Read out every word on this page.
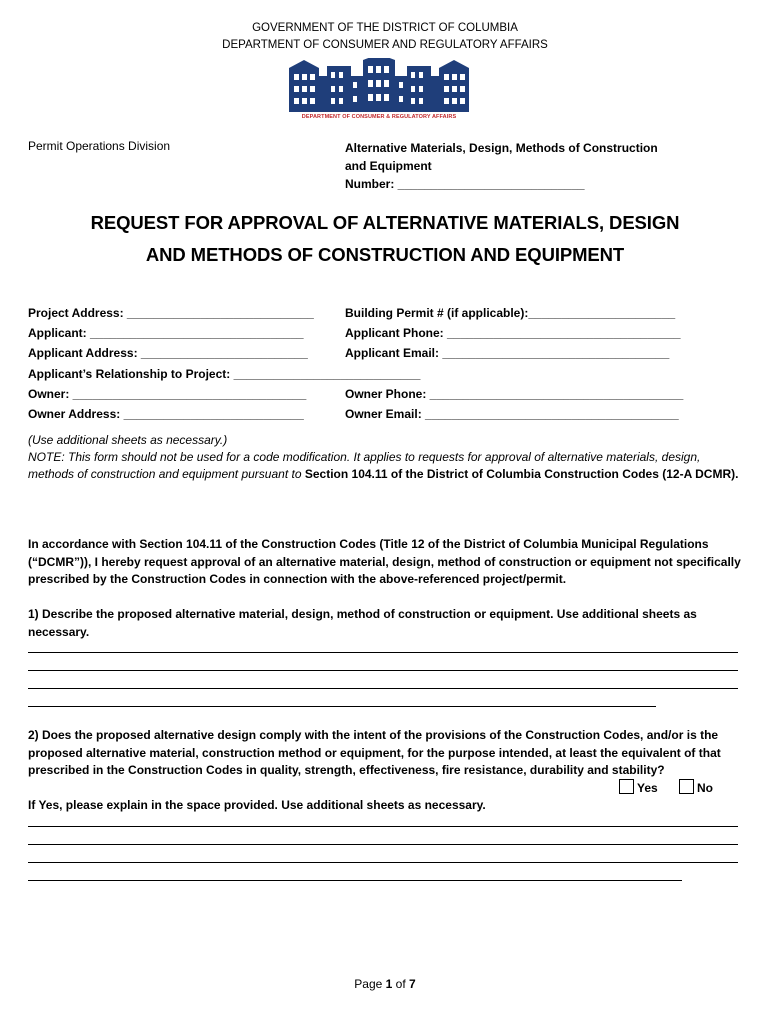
GOVERNMENT OF THE DISTRICT OF COLUMBIA
DEPARTMENT OF CONSUMER AND REGULATORY AFFAIRS
DEPARTMENT OF CONSUMER & REGULATORY AFFAIRS
Permit Operations Division	Alternative Materials, Design, Methods of Construction
and Equipment
Number: ____________________________
REQUEST FOR APPROVAL OF ALTERNATIVE MATERIALS, DESIGN
AND METHODS OF CONSTRUCTION AND EQUIPMENT
Project Address: ____________________________	Building Permit # (if applicable):______________________
Applicant: ________________________________	Applicant Phone: ___________________________________
Applicant Address: _________________________	Applicant Email: __________________________________
Applicant’s Relationship to Project: ____________________________
Owner: ___________________________________	Owner Phone: ______________________________________
Owner Address: ___________________________	Owner Email: ______________________________________
(Use additional sheets as necessary.)
NOTE: This form should not be used for a code modification. It applies to requests for approval of alternative materials, design, methods of construction and equipment pursuant to Section 104.11 of the District of Columbia Construction Codes (12-A DCMR).
In accordance with Section 104.11 of the Construction Codes (Title 12 of the District of Columbia Municipal Regulations (“DCMR”)), I hereby request approval of an alternative material, design, method of construction or equipment not specifically prescribed by the Construction Codes in connection with the above-referenced project/permit.
1) Describe the proposed alternative material, design, method of construction or equipment. Use additional sheets as necessary.
2) Does the proposed alternative design comply with the intent of the provisions of the Construction Codes, and/or is the proposed alternative material, construction method or equipment, for the purpose intended, at least the equivalent of that prescribed in the Construction Codes in quality, strength, effectiveness, fire resistance, durability and stability?
Yes	No
If Yes, please explain in the space provided. Use additional sheets as necessary.
Page 1 of 7
